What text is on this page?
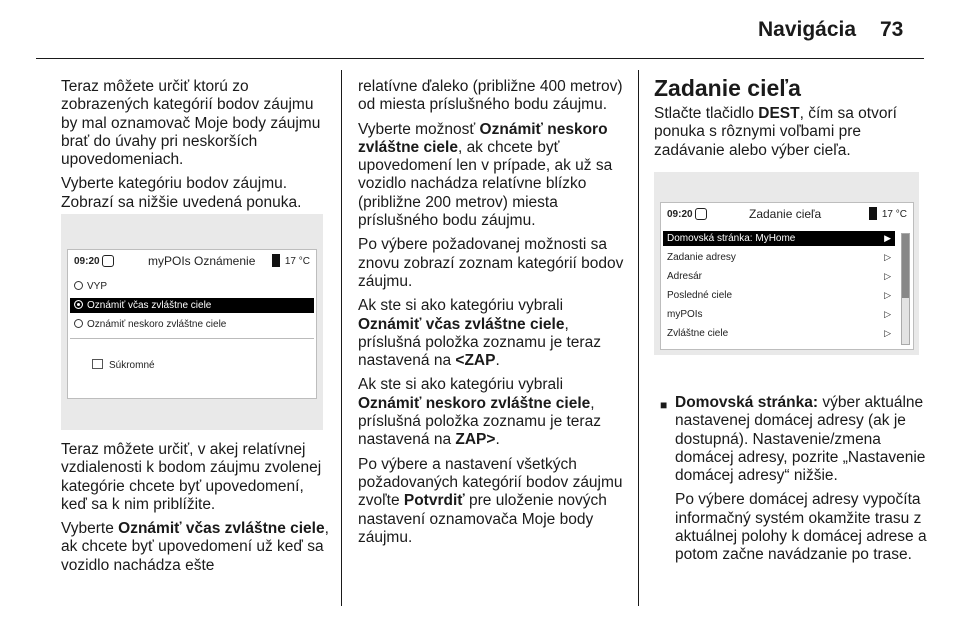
Navigácia 73

Teraz môžete určiť ktorú zo zobrazených kategórií bodov záujmu by mal oznamovač Moje body záujmu brať do úvahy pri neskorších upovedomeniach.

Vyberte kategóriu bodov záujmu. Zobrazí sa nižšie uvedená ponuka.

09:20	myPOIs Oznámenie	17 °C
VYP
Oznámiť včas zvláštne ciele
Oznámiť neskoro zvláštne ciele
Súkromné

Teraz môžete určiť, v akej relatívnej vzdialenosti k bodom záujmu zvolenej kategórie chcete byť upovedomení, keď sa k nim priblížite.

Vyberte Oznámiť včas zvláštne ciele, ak chcete byť upovedomení už keď sa vozidlo nachádza ešte

relatívne ďaleko (približne 400 metrov) od miesta príslušného bodu záujmu.

Vyberte možnosť Oznámiť neskoro zvláštne ciele, ak chcete byť upovedomení len v prípade, ak už sa vozidlo nachádza relatívne blízko (približne 200 metrov) miesta príslušného bodu záujmu.

Po výbere požadovanej možnosti sa znovu zobrazí zoznam kategórií bodov záujmu.

Ak ste si ako kategóriu vybrali Oznámiť včas zvláštne ciele, príslušná položka zoznamu je teraz nastavená na <ZAP.

Ak ste si ako kategóriu vybrali Oznámiť neskoro zvláštne ciele, príslušná položka zoznamu je teraz nastavená na ZAP>.

Po výbere a nastavení všetkých požadovaných kategórií bodov záujmu zvoľte Potvrdiť pre uloženie nových nastavení oznamovača Moje body záujmu.

Zadanie cieľa

Stlačte tlačidlo DEST, čím sa otvorí ponuka s rôznymi voľbami pre zadávanie alebo výber cieľa.

09:20	Zadanie cieľa	17 °C
Domovská stránka: MyHome	▶
Zadanie adresy	▷
Adresár	▷
Posledné ciele	▷
myPOIs	▷
Zvláštne ciele	▷
■ Domovská stránka: výber aktuálne nastavenej domácej adresy (ak je dostupná). Nastavenie/zmena domácej adresy, pozrite „Nastavenie domácej adresy“ nižšie.

Po výbere domácej adresy vypočíta informačný systém okamžite trasu z aktuálnej polohy k domácej adrese a potom začne navádzanie po trase.
